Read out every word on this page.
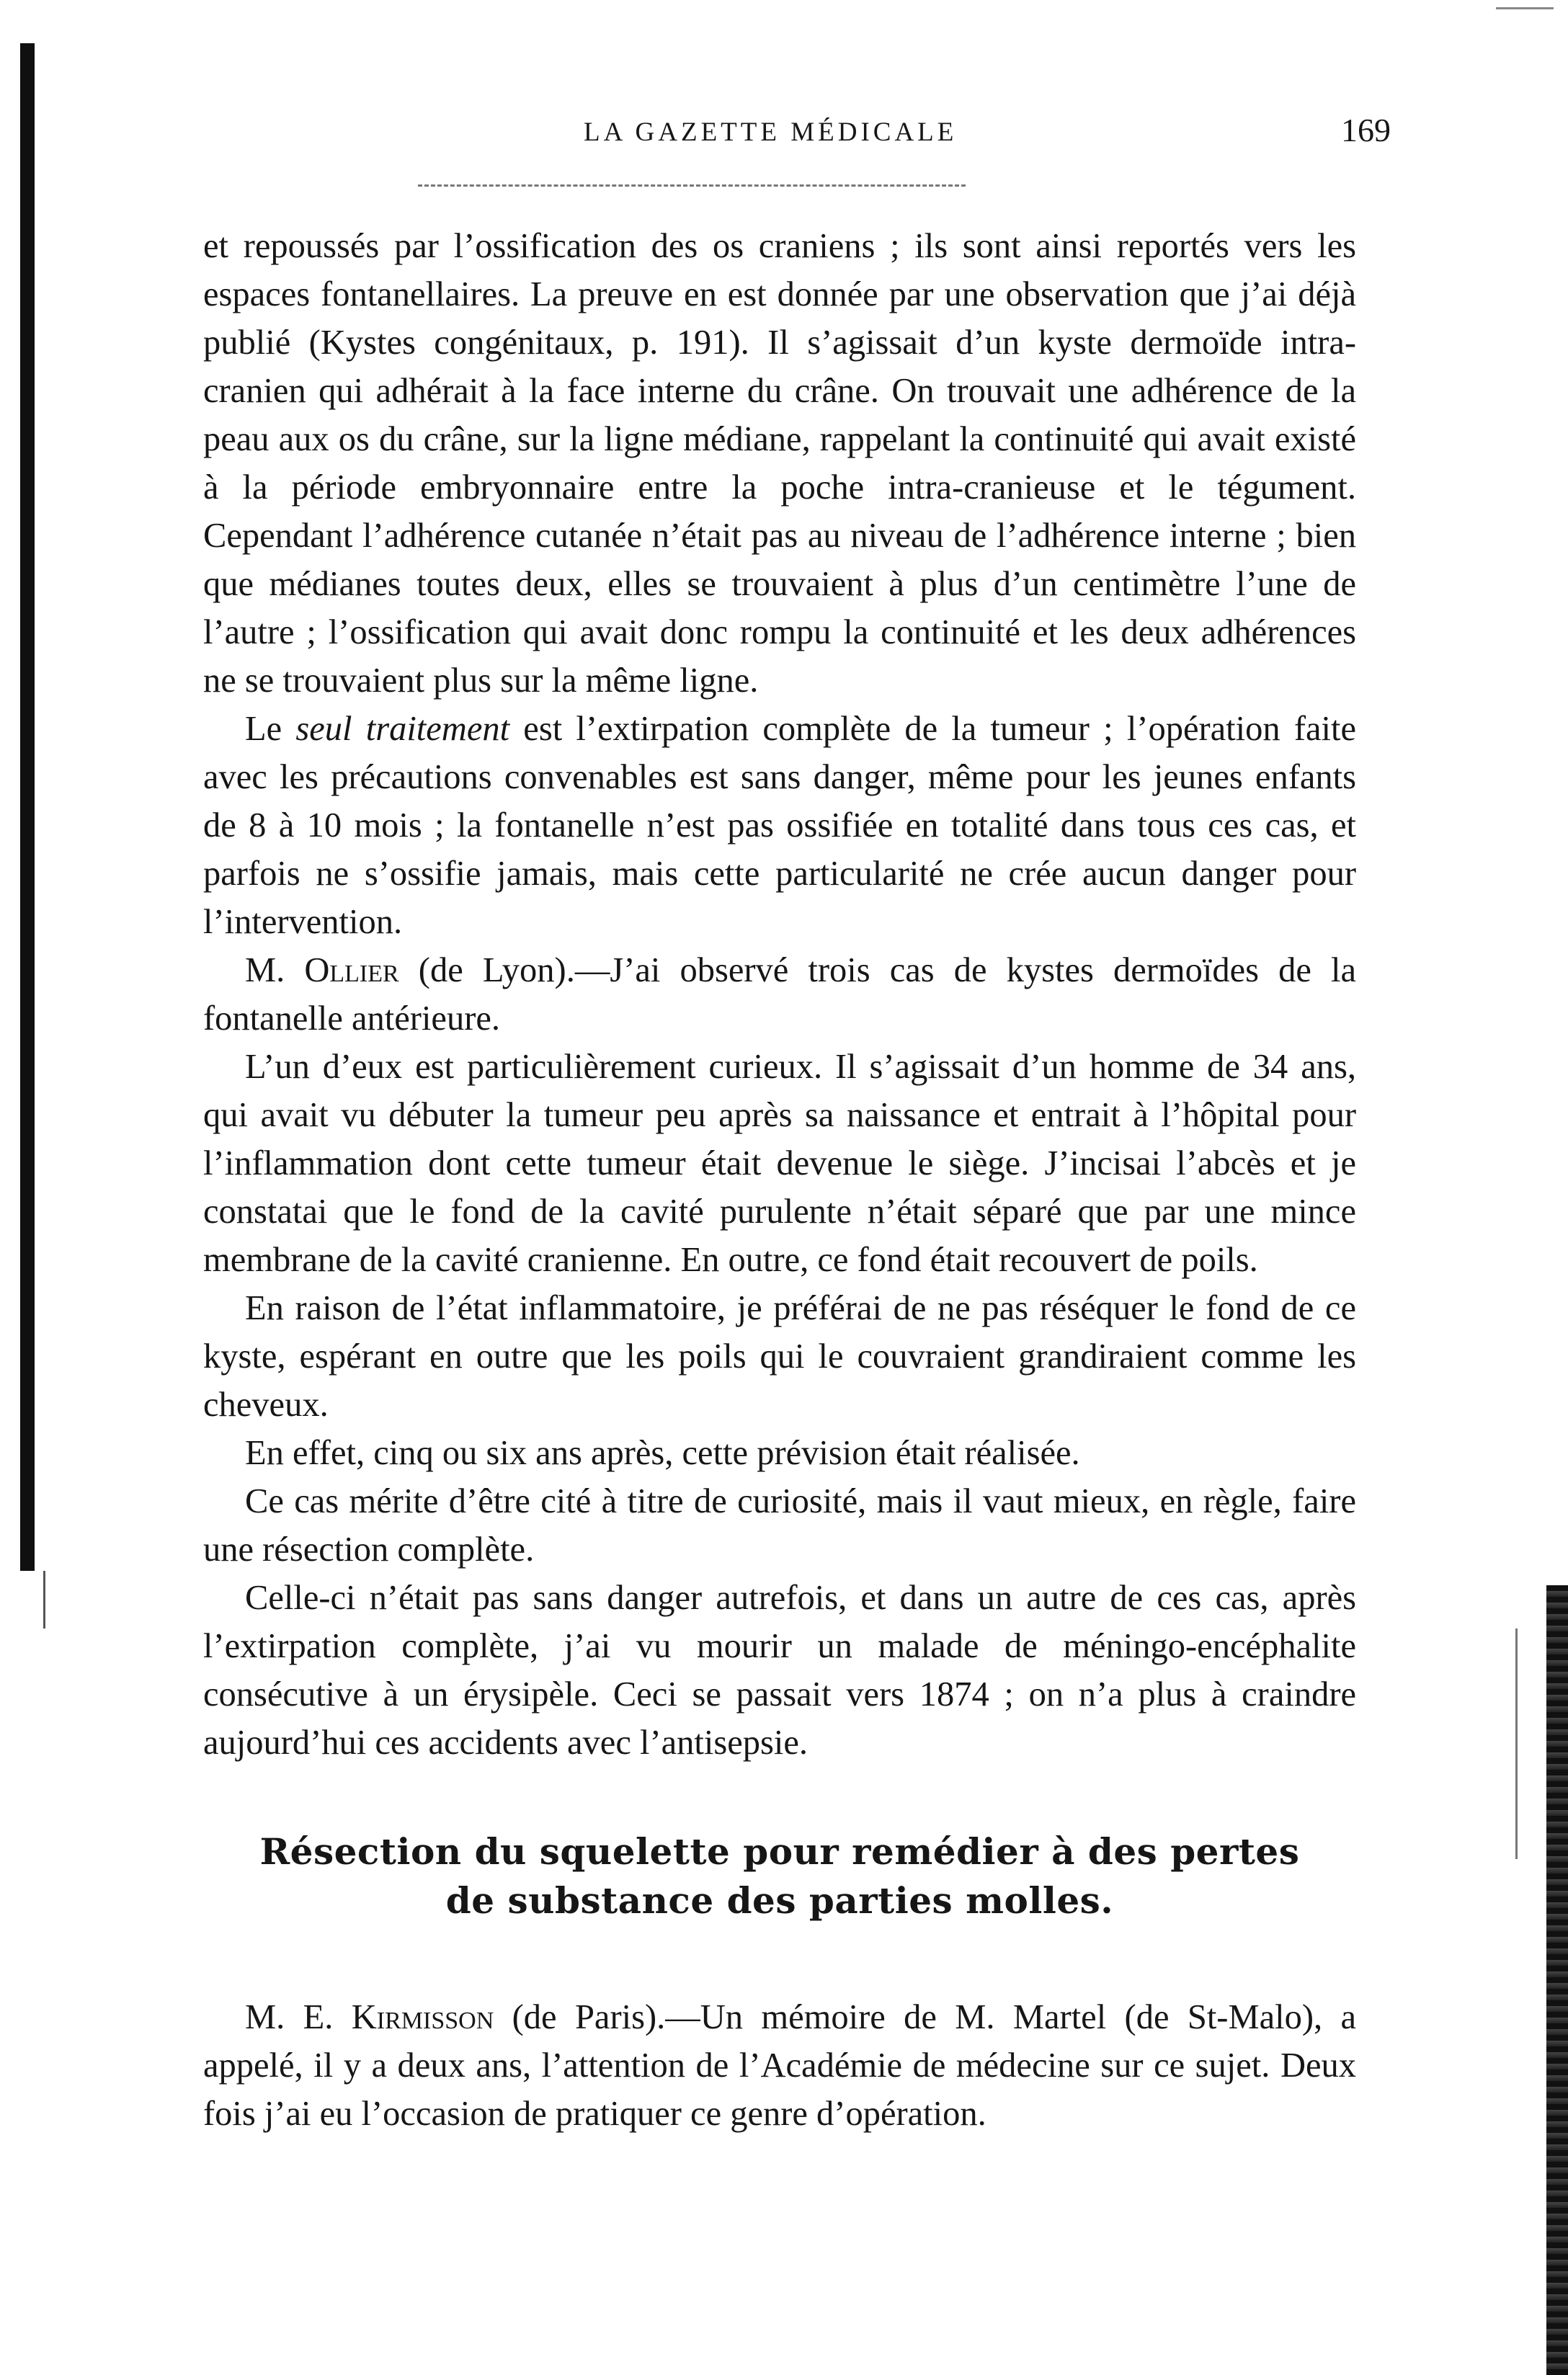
LA GAZETTE MÉDICALE	169

et repoussés par l’ossification des os craniens ; ils sont ainsi reportés vers les espaces fontanellaires. La preuve en est donnée par une observation que j’ai déjà publié (Kystes congénitaux, p. 191). Il s’agissait d’un kyste dermoïde intra-cranien qui adhérait à la face interne du crâne. On trouvait une adhérence de la peau aux os du crâne, sur la ligne médiane, rappelant la continuité qui avait existé à la période embryonnaire entre la poche intra-cranieuse et le tégument. Cependant l’adhérence cutanée n’était pas au niveau de l’adhérence interne ; bien que médianes toutes deux, elles se trouvaient à plus d’un centimètre l’une de l’autre ; l’ossification qui avait donc rompu la continuité et les deux adhérences ne se trouvaient plus sur la même ligne.

Le seul traitement est l’extirpation complète de la tumeur ; l’opération faite avec les précautions convenables est sans danger, même pour les jeunes enfants de 8 à 10 mois ; la fontanelle n’est pas ossifiée en totalité dans tous ces cas, et parfois ne s’ossifie jamais, mais cette particularité ne crée aucun danger pour l’intervention.

M. Ollier (de Lyon).—J’ai observé trois cas de kystes dermoïdes de la fontanelle antérieure.

L’un d’eux est particulièrement curieux. Il s’agissait d’un homme de 34 ans, qui avait vu débuter la tumeur peu après sa naissance et entrait à l’hôpital pour l’inflammation dont cette tumeur était devenue le siège. J’incisai l’abcès et je constatai que le fond de la cavité purulente n’était séparé que par une mince membrane de la cavité cranienne. En outre, ce fond était recouvert de poils.

En raison de l’état inflammatoire, je préférai de ne pas réséquer le fond de ce kyste, espérant en outre que les poils qui le couvraient grandiraient comme les cheveux.

En effet, cinq ou six ans après, cette prévision était réalisée.

Ce cas mérite d’être cité à titre de curiosité, mais il vaut mieux, en règle, faire une résection complète.

Celle-ci n’était pas sans danger autrefois, et dans un autre de ces cas, après l’extirpation complète, j’ai vu mourir un malade de méningo-encéphalite consécutive à un érysipèle. Ceci se passait vers 1874 ; on n’a plus à craindre aujourd’hui ces accidents avec l’antisepsie.

Résection du squelette pour remédier à des pertes de substance des parties molles.

M. E. Kirmisson (de Paris).—Un mémoire de M. Martel (de St-Malo), a appelé, il y a deux ans, l’attention de l’Académie de médecine sur ce sujet. Deux fois j’ai eu l’occasion de pratiquer ce genre d’opération.
